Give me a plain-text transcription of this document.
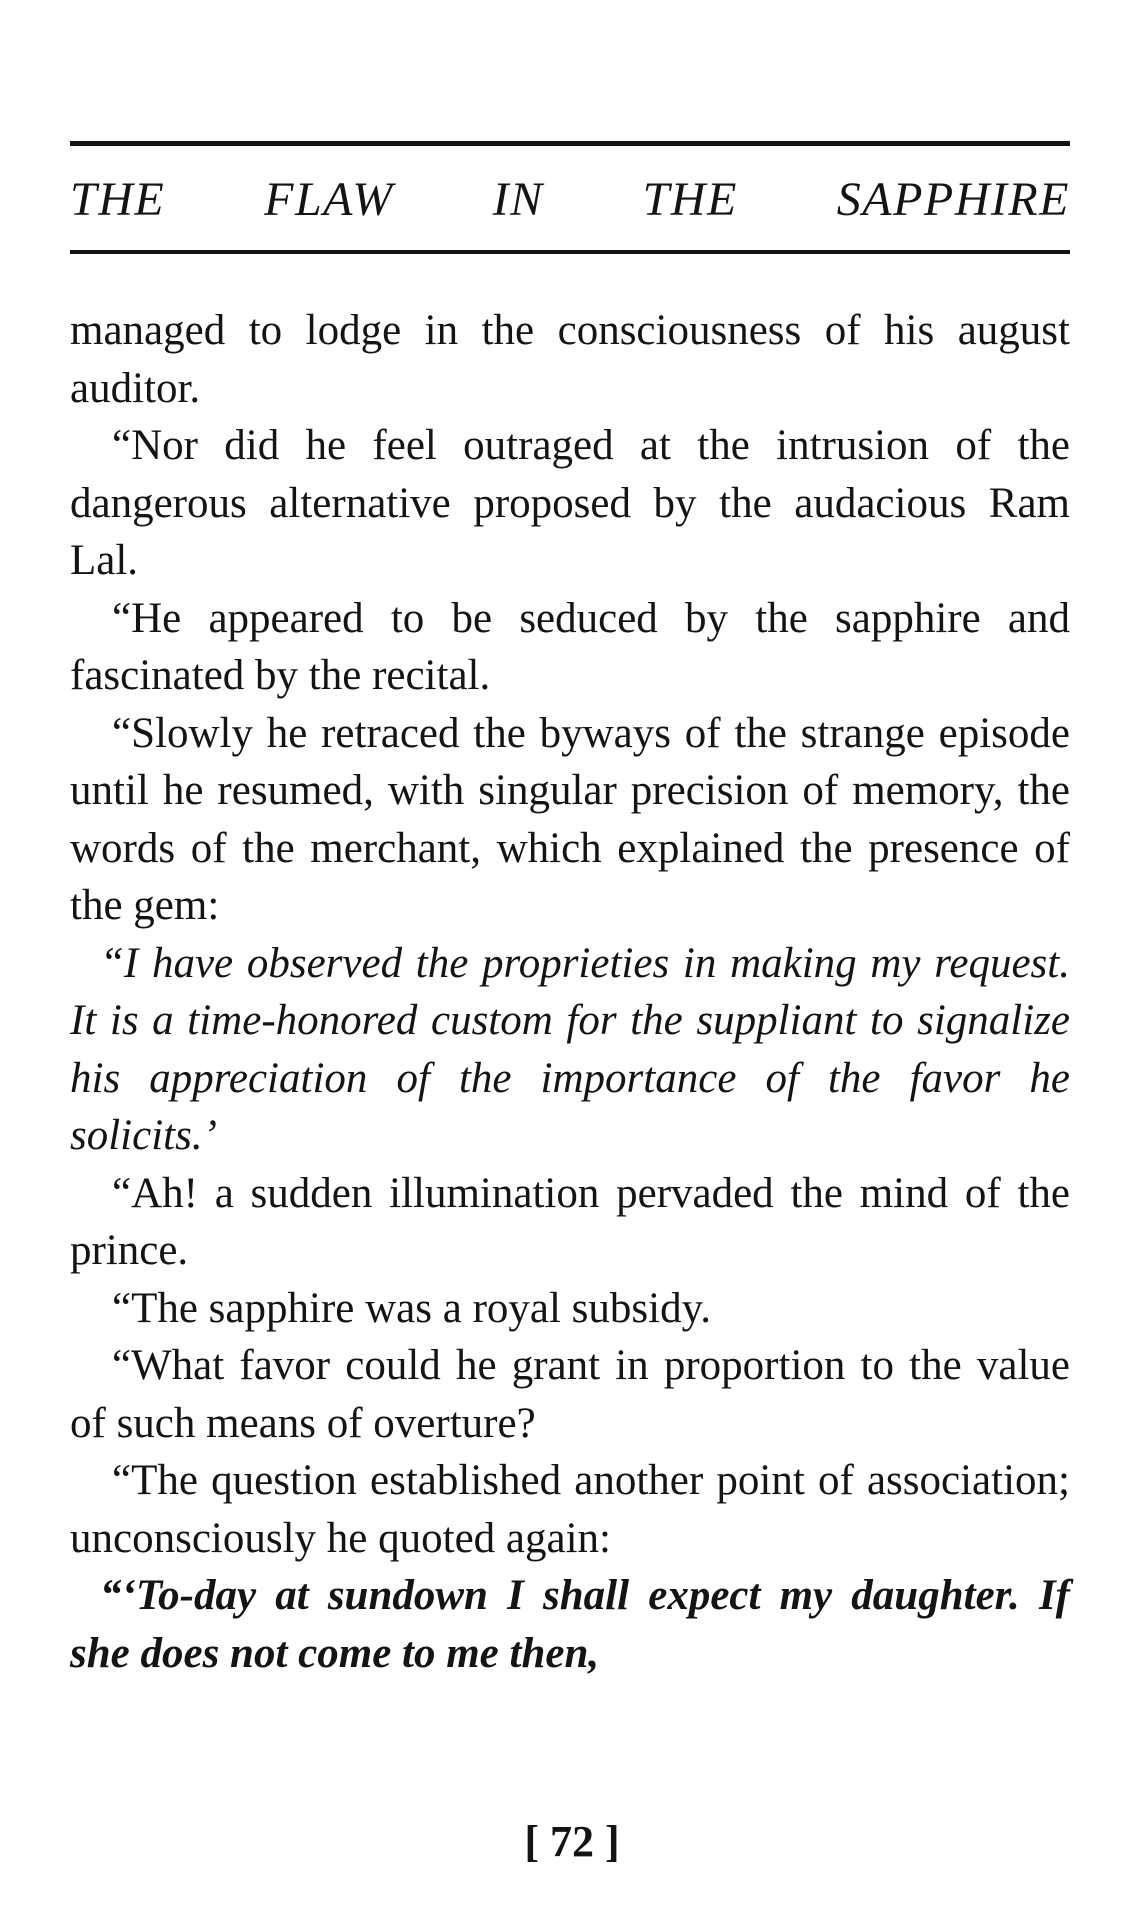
THE FLAW IN THE SAPPHIRE

managed to lodge in the consciousness of his august auditor.

“Nor did he feel outraged at the intrusion of the dangerous alternative proposed by the audacious Ram Lal.

“He appeared to be seduced by the sapphire and fascinated by the recital.

“Slowly he retraced the byways of the strange episode until he resumed, with singular precision of memory, the words of the merchant, which explained the presence of the gem:

“I have observed the proprieties in making my request. It is a time-honored custom for the suppliant to signalize his appreciation of the importance of the favor he solicits.’

“Ah! a sudden illumination pervaded the mind of the prince.

“The sapphire was a royal subsidy.

“What favor could he grant in proportion to the value of such means of overture?

“The question established another point of association; unconsciously he quoted again:

“‘To-day at sundown I shall expect my daughter. If she does not come to me then,

[ 72 ]
